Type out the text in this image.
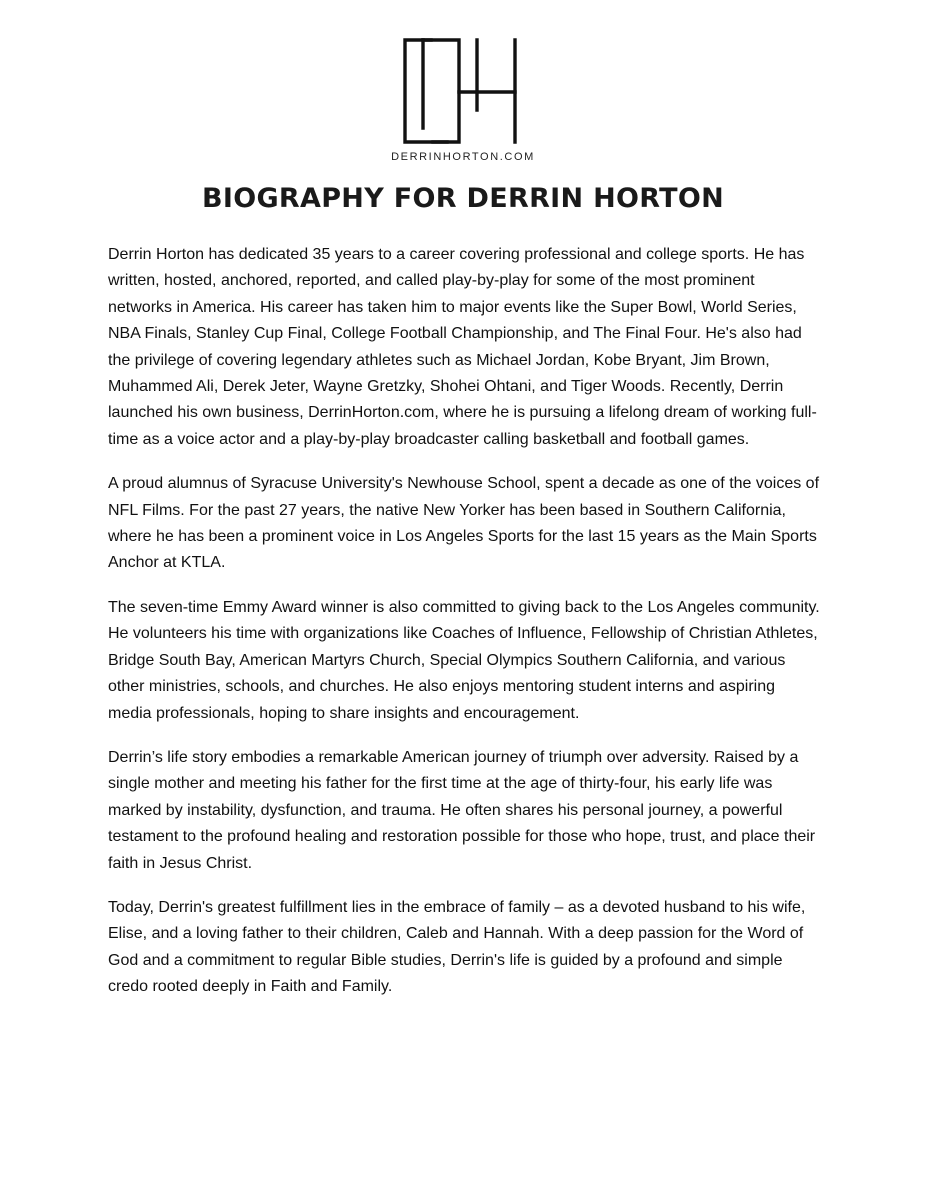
DERRINHORTON.COM
BIOGRAPHY FOR DERRIN HORTON

Derrin Horton has dedicated 35 years to a career covering professional and college sports. He has written, hosted, anchored, reported, and called play-by-play for some of the most prominent networks in America. His career has taken him to major events like the Super Bowl, World Series, NBA Finals, Stanley Cup Final, College Football Championship, and The Final Four. He's also had the privilege of covering legendary athletes such as Michael Jordan, Kobe Bryant, Jim Brown, Muhammed Ali, Derek Jeter, Wayne Gretzky, Shohei Ohtani, and Tiger Woods. Recently, Derrin launched his own business, DerrinHorton.com, where he is pursuing a lifelong dream of working full-time as a voice actor and a play-by-play broadcaster calling basketball and football games.

A proud alumnus of Syracuse University's Newhouse School, spent a decade as one of the voices of NFL Films. For the past 27 years, the native New Yorker has been based in Southern California, where he has been a prominent voice in Los Angeles Sports for the last 15 years as the Main Sports Anchor at KTLA.

The seven-time Emmy Award winner is also committed to giving back to the Los Angeles community. He volunteers his time with organizations like Coaches of Influence, Fellowship of Christian Athletes, Bridge South Bay, American Martyrs Church, Special Olympics Southern California, and various other ministries, schools, and churches. He also enjoys mentoring student interns and aspiring media professionals, hoping to share insights and encouragement.

Derrin’s life story embodies a remarkable American journey of triumph over adversity. Raised by a single mother and meeting his father for the first time at the age of thirty-four, his early life was marked by instability, dysfunction, and trauma. He often shares his personal journey, a powerful testament to the profound healing and restoration possible for those who hope, trust, and place their faith in Jesus Christ.

Today, Derrin's greatest fulfillment lies in the embrace of family – as a devoted husband to his wife, Elise, and a loving father to their children, Caleb and Hannah. With a deep passion for the Word of God and a commitment to regular Bible studies, Derrin's life is guided by a profound and simple credo rooted deeply in Faith and Family.
